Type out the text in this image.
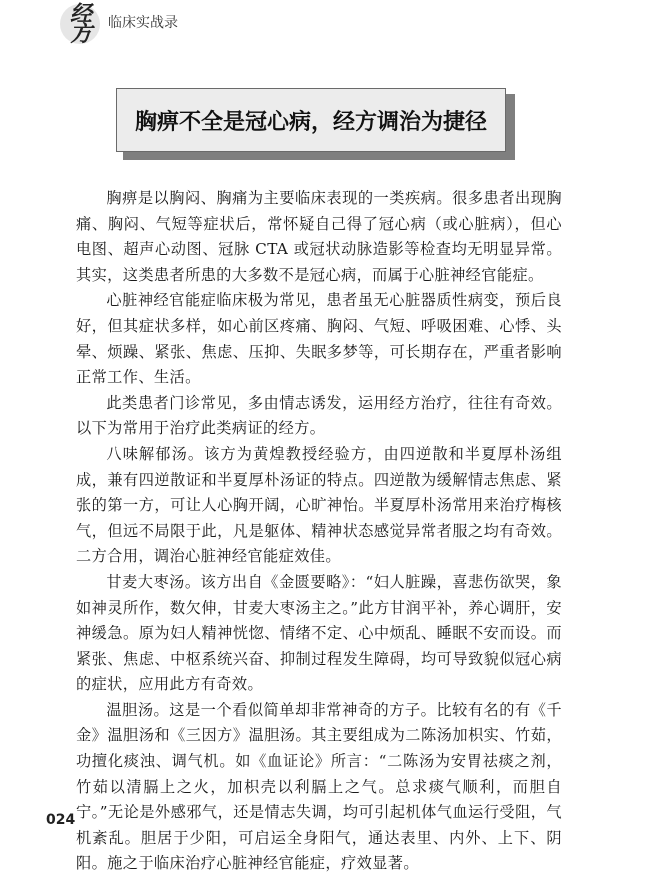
经方	临床实战录
胸痹不全是冠心病，经方调治为捷径

胸痹是以胸闷、胸痛为主要临床表现的一类疾病。很多患者出现胸痛、胸闷、气短等症状后，常怀疑自己得了冠心病（或心脏病），但心电图、超声心动图、冠脉 CTA 或冠状动脉造影等检查均无明显异常。其实，这类患者所患的大多数不是冠心病，而属于心脏神经官能症。

心脏神经官能症临床极为常见，患者虽无心脏器质性病变，预后良好，但其症状多样，如心前区疼痛、胸闷、气短、呼吸困难、心悸、头晕、烦躁、紧张、焦虑、压抑、失眠多梦等，可长期存在，严重者影响正常工作、生活。

此类患者门诊常见，多由情志诱发，运用经方治疗，往往有奇效。以下为常用于治疗此类病证的经方。

八味解郁汤。该方为黄煌教授经验方，由四逆散和半夏厚朴汤组成，兼有四逆散证和半夏厚朴汤证的特点。四逆散为缓解情志焦虑、紧张的第一方，可让人心胸开阔，心旷神怡。半夏厚朴汤常用来治疗梅核气，但远不局限于此，凡是躯体、精神状态感觉异常者服之均有奇效。二方合用，调治心脏神经官能症效佳。

甘麦大枣汤。该方出自《金匮要略》：“妇人脏躁，喜悲伤欲哭，象如神灵所作，数欠伸，甘麦大枣汤主之。”此方甘润平补，养心调肝，安神缓急。原为妇人精神恍惚、情绪不定、心中烦乱、睡眠不安而设。而紧张、焦虑、中枢系统兴奋、抑制过程发生障碍，均可导致貌似冠心病的症状，应用此方有奇效。

温胆汤。这是一个看似简单却非常神奇的方子。比较有名的有《千金》温胆汤和《三因方》温胆汤。其主要组成为二陈汤加枳实、竹茹，功擅化痰浊、调气机。如《血证论》所言：“二陈汤为安胃祛痰之剂，竹茹以清膈上之火，加枳壳以利膈上之气。总求痰气顺利，而胆自宁。”无论是外感邪气，还是情志失调，均可引起机体气血运行受阻，气机紊乱。胆居于少阳，可启运全身阳气，通达表里、内外、上下、阴阳。施之于临床治疗心脏神经官能症，疗效显著。

024
